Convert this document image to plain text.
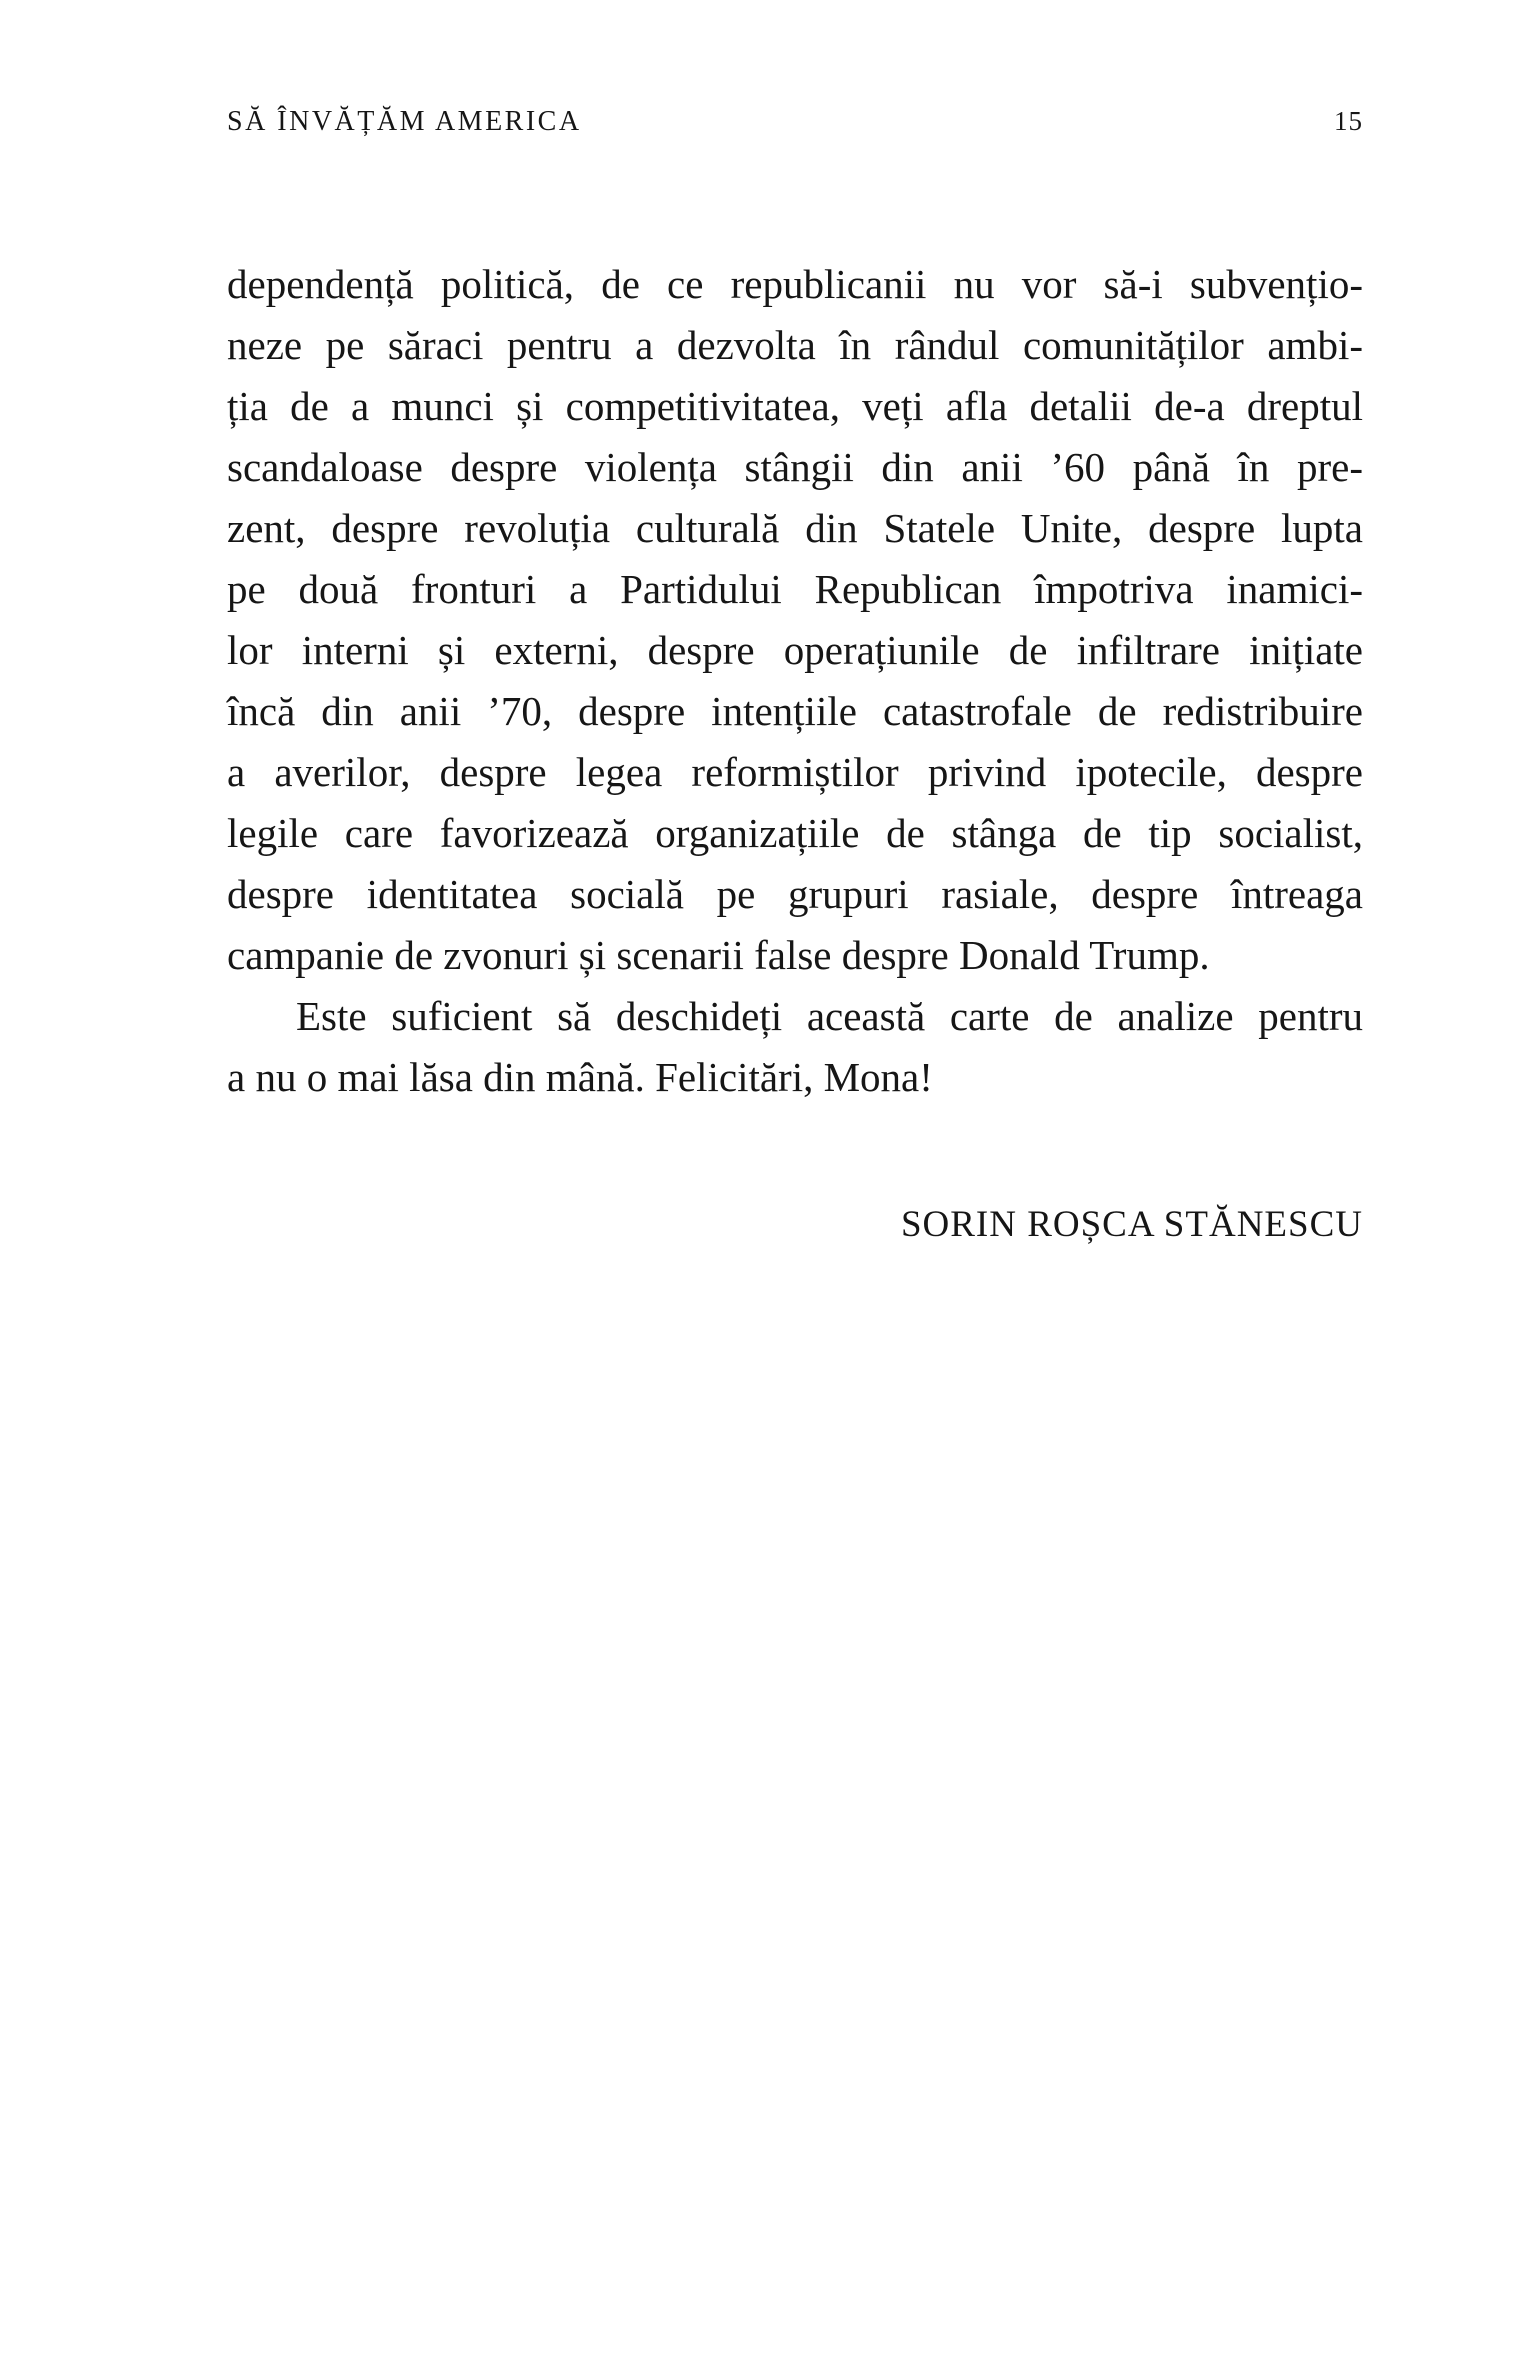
SĂ ÎNVĂȚĂM AMERICA	15

dependență politică, de ce republicanii nu vor să-i subvențio-
neze pe săraci pentru a dezvolta în rândul comunităților ambi-
ția de a munci și competitivitatea, veți afla detalii de-a dreptul
scandaloase despre violența stângii din anii ’60 până în pre-
zent, despre revoluția culturală din Statele Unite, despre lupta
pe două fronturi a Partidului Republican împotriva inamici-
lor interni și externi, despre operațiunile de infiltrare inițiate
încă din anii ’70, despre intențiile catastrofale de redistribuire
a averilor, despre legea reformiștilor privind ipotecile, despre
legile care favorizează organizațiile de stânga de tip socialist,
despre identitatea socială pe grupuri rasiale, despre întreaga
campanie de zvonuri și scenarii false despre Donald Trump.

Este suficient să deschideți această carte de analize pentru
a nu o mai lăsa din mână. Felicitări, Mona!

SORIN ROȘCA STĂNESCU
